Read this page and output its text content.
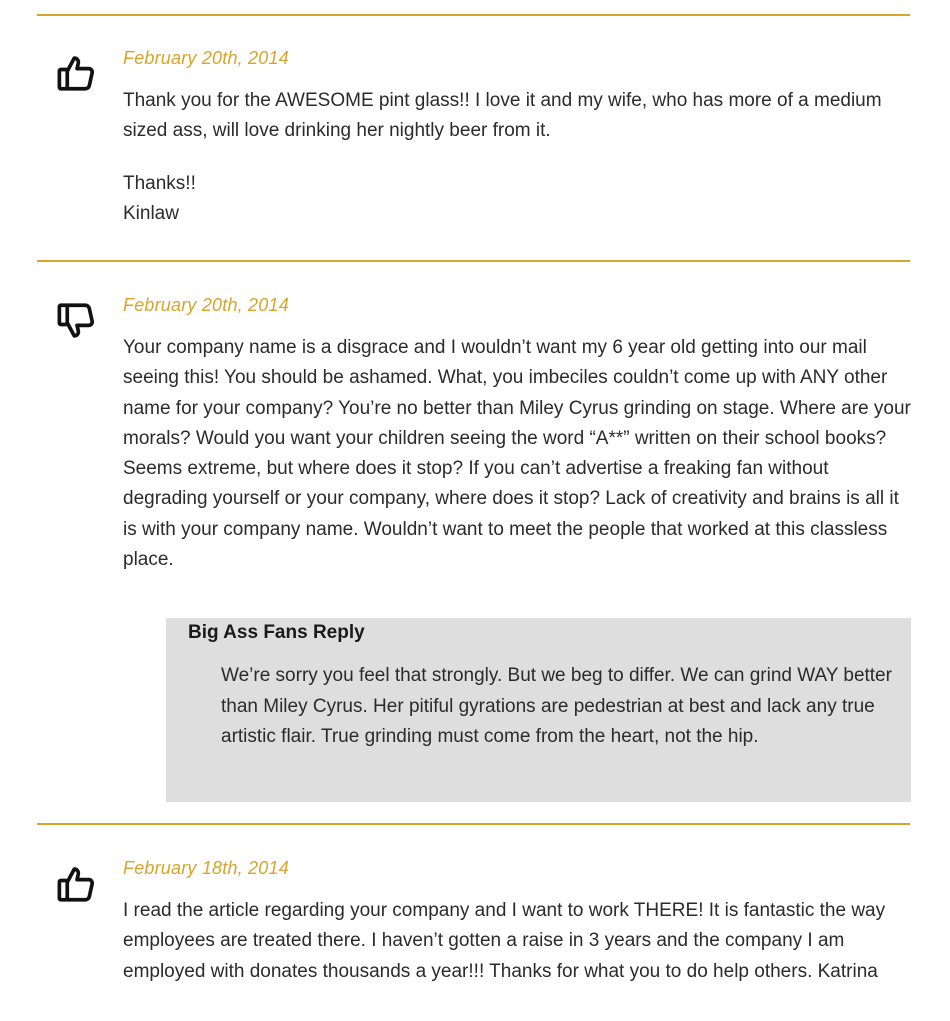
February 20th, 2014

Thank you for the AWESOME pint glass!! I love it and my wife, who has more of a medium sized ass, will love drinking her nightly beer from it.

Thanks!!
Kinlaw

February 20th, 2014

Your company name is a disgrace and I wouldn’t want my 6 year old getting into our mail seeing this! You should be ashamed. What, you imbeciles couldn’t come up with ANY other name for your company? You’re no better than Miley Cyrus grinding on stage. Where are your morals? Would you want your children seeing the word “A**” written on their school books? Seems extreme, but where does it stop? If you can’t advertise a freaking fan without degrading yourself or your company, where does it stop? Lack of creativity and brains is all it is with your company name. Wouldn’t want to meet the people that worked at this classless place.

Big Ass Fans Reply
We’re sorry you feel that strongly. But we beg to differ. We can grind WAY better than Miley Cyrus. Her pitiful gyrations are pedestrian at best and lack any true artistic flair. True grinding must come from the heart, not the hip.
February 18th, 2014

I read the article regarding your company and I want to work THERE! It is fantastic the way employees are treated there. I haven’t gotten a raise in 3 years and the company I am employed with donates thousands a year!!! Thanks for what you to do help others. Katrina
